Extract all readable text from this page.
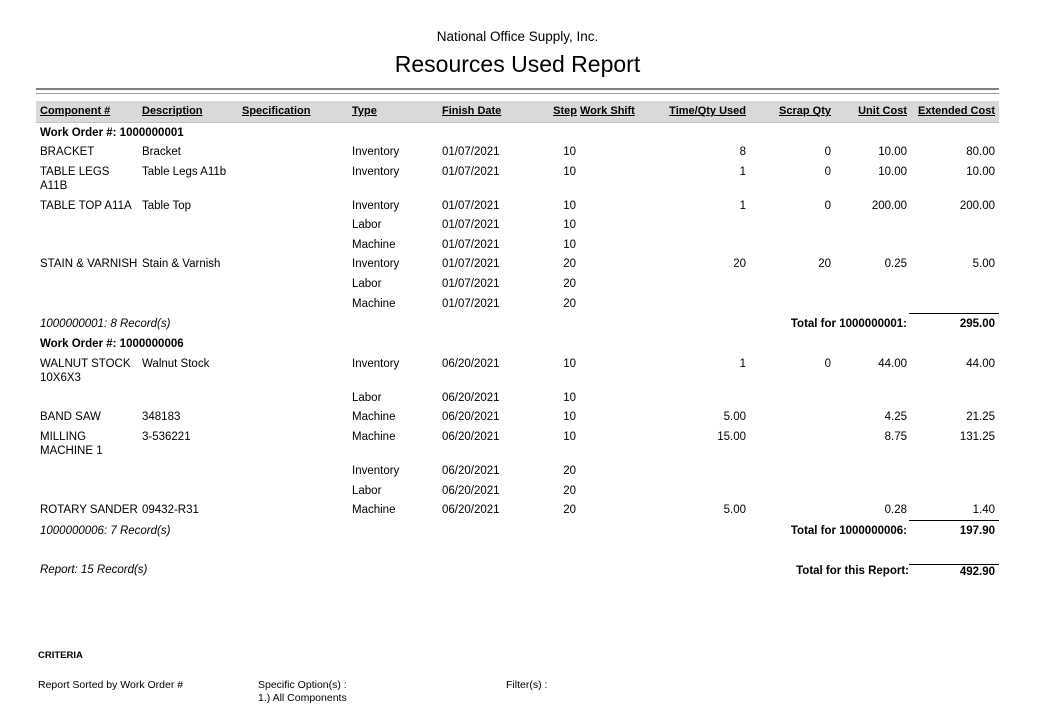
National Office Supply, Inc.
Resources Used Report
Component #	Description	Specification	Type	Finish Date	Step	Work Shift	Time/Qty Used	Scrap Qty	Unit Cost	Extended Cost
Work Order #: 1000000001										
BRACKET	Bracket		Inventory	01/07/2021	10		8	0	10.00	80.00
TABLE LEGS A11B	Table Legs A11b		Inventory	01/07/2021	10		1	0	10.00	10.00
TABLE TOP A11A	Table Top		Inventory	01/07/2021	10		1	0	200.00	200.00
			Labor	01/07/2021	10					
			Machine	01/07/2021	10					
STAIN & VARNISH	Stain & Varnish		Inventory	01/07/2021	20		20	20	0.25	5.00
			Labor	01/07/2021	20					
			Machine	01/07/2021	20					
1000000001: 8 Record(s)					Total for 1000000001:					295.00
Work Order #: 1000000006										
WALNUT STOCK 10X6X3	Walnut Stock		Inventory	06/20/2021	10		1	0	44.00	44.00
			Labor	06/20/2021	10					
BAND SAW	348183		Machine	06/20/2021	10		5.00		4.25	21.25
MILLING MACHINE 1	3-536221		Machine	06/20/2021	10		15.00		8.75	131.25
			Inventory	06/20/2021	20					
			Labor	06/20/2021	20					
ROTARY SANDER	09432-R31		Machine	06/20/2021	20		5.00		0.28	1.40
1000000006: 7 Record(s)					Total for 1000000006:					197.90
Report: 15 Record(s)	Total for this Report:	492.90
CRITERIA
Report Sorted by Work Order #	Specific Option(s) :
1.) All Components
Filter(s) :
